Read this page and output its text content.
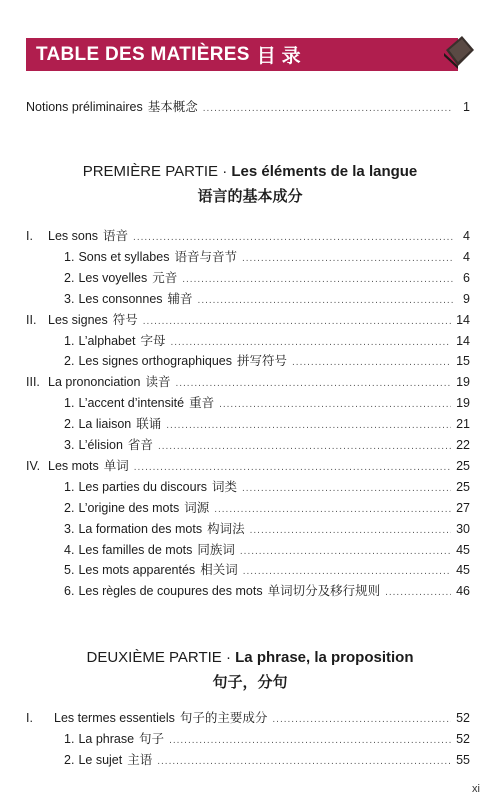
TABLE DES MATIÈRES 目 录
Notions préliminaires 基本概念 .....	1
PREMIÈRE PARTIE · Les éléments de la langue
语言的基本成分
I. Les sons 语音 .....	4
1. Sons et syllabes 语音与音节 .....	4
2. Les voyelles 元音 .....	6
3. Les consonnes 辅音 .....	9
II. Les signes 符号 .....	14
1. L’alphabet 字母 .....	14
2. Les signes orthographiques 拼写符号 .....	15
III. La prononciation 读音 .....	19
1. L’accent d’intensité 重音 .....	19
2. La liaison 联诵 .....	21
3. L’élision 省音 .....	22
IV. Les mots 单词 .....	25
1. Les parties du discours 词类 .....	25
2. L’origine des mots 词源 .....	27
3. La formation des mots 构词法 .....	30
4. Les familles de mots 同族词 .....	45
5. Les mots apparentés 相关词 .....	45
6. Les règles de coupures des mots 单词切分及移行规则 .....	46
DEUXIÈME PARTIE · La phrase, la proposition
句子，分句
I. Les termes essentiels 句子的主要成分 .....	52
1. La phrase 句子 .....	52
2. Le sujet 主语 .....	55
xi
